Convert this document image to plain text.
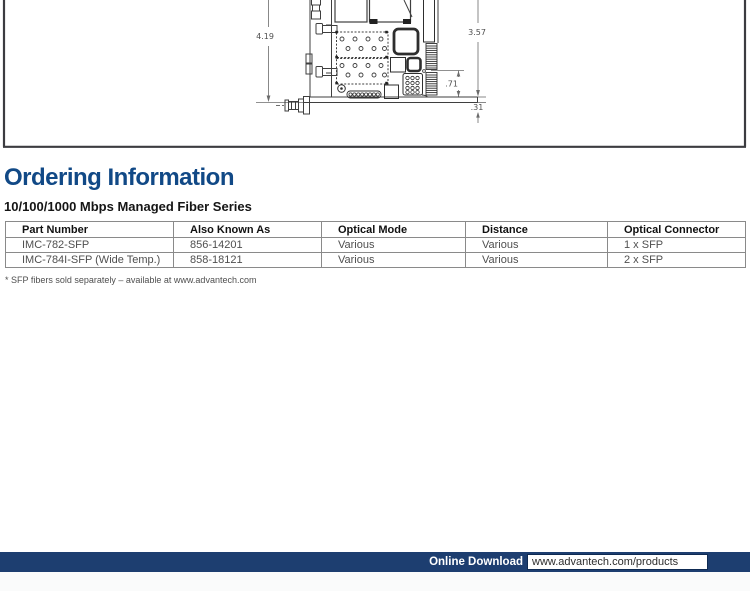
4.19	3.57
.71
.31
Ordering Information
10/100/1000 Mbps Managed Fiber Series
Part Number	Also Known As	Optical Mode	Distance	Optical Connector
IMC-782-SFP	856-14201	Various	Various	1 x SFP
IMC-784I-SFP (Wide Temp.)	858-18121	Various	Various	2 x SFP
* SFP fibers sold separately – available at www.advantech.com
Online Download www.advantech.com/products
